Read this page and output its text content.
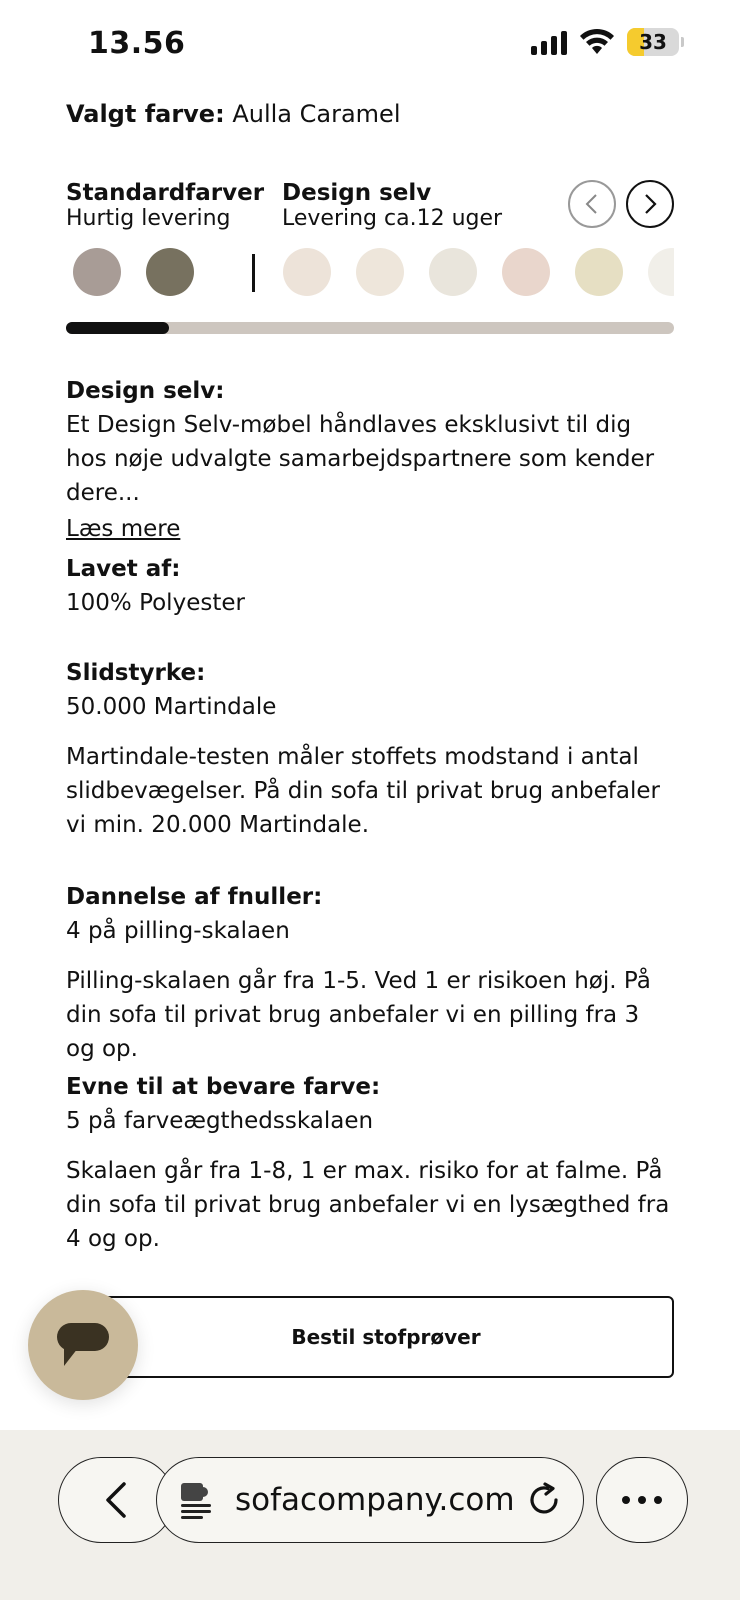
13.56	33
Valgt farve: Aulla Caramel
Standardfarver
Hurtig levering
Design selv
Levering ca.12 uger
Design selv:
Et Design Selv-møbel håndlaves eksklusivt til dig hos nøje udvalgte samarbejdspartnere som kender dere...
Læs mere
Lavet af:
100% Polyester
Slidstyrke:
50.000 Martindale
Martindale-testen måler stoffets modstand i antal slidbevægelser. På din sofa til privat brug anbefaler vi min. 20.000 Martindale.
Dannelse af fnuller:
4 på pilling-skalaen
Pilling-skalaen går fra 1-5. Ved 1 er risikoen høj. På din sofa til privat brug anbefaler vi en pilling fra 3 og op.
Evne til at bevare farve:
5 på farveægthedsskalaen
Skalaen går fra 1-8, 1 er max. risiko for at falme. På din sofa til privat brug anbefaler vi en lysægthed fra 4 og op.
Bestil stofprøver
sofacompany.com
